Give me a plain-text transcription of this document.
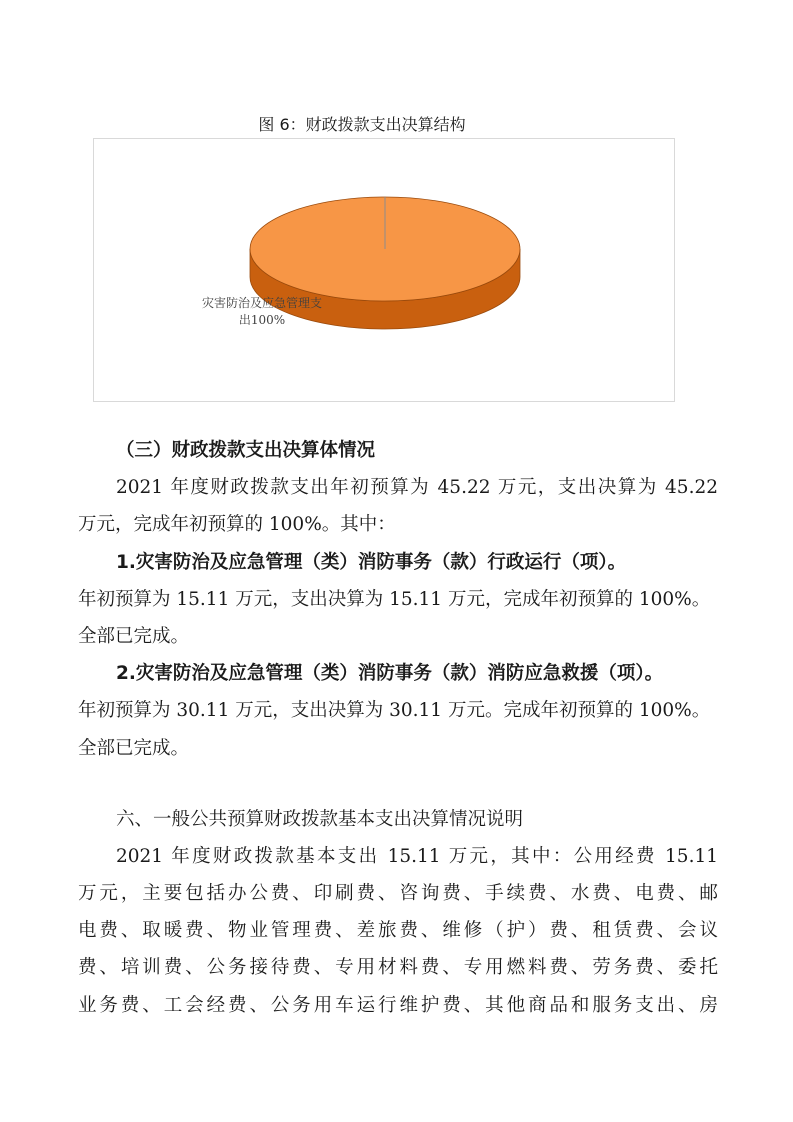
图 6：财政拨款支出决算结构
灾害防治及应急管理支
出100%
（三）财政拨款支出决算体情况
2021 年度财政拨款支出年初预算为 45.22 万元，支出决算为 45.22
万元，完成年初预算的 100%。其中：
1.灾害防治及应急管理（类）消防事务（款）行政运行（项）。
年初预算为 15.11 万元，支出决算为 15.11 万元，完成年初预算的 100%。
全部已完成。
2.灾害防治及应急管理（类）消防事务（款）消防应急救援（项）。
年初预算为 30.11 万元，支出决算为 30.11 万元。完成年初预算的 100%。
全部已完成。
六、一般公共预算财政拨款基本支出决算情况说明
2021 年度财政拨款基本支出 15.11 万元，其中：公用经费 15.11
万元，主要包括办公费、印刷费、咨询费、手续费、水费、电费、邮
电费、取暖费、物业管理费、差旅费、维修（护）费、租赁费、会议
费、培训费、公务接待费、专用材料费、专用燃料费、劳务费、委托
业务费、工会经费、公务用车运行维护费、其他商品和服务支出、房
